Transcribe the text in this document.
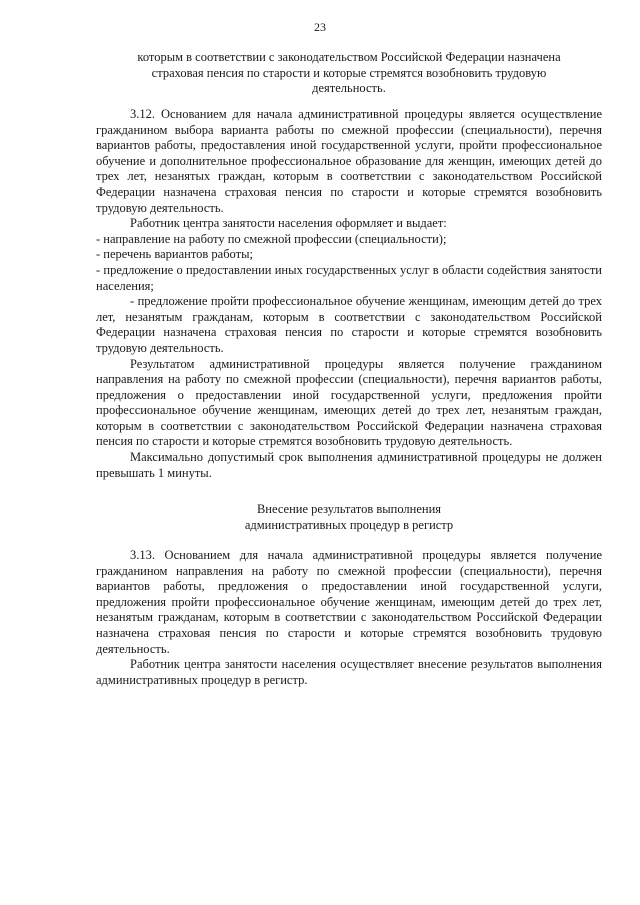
23

которым в соответствии с законодательством Российской Федерации назначена

страховая пенсия по старости и которые стремятся возобновить трудовую

деятельность.

3.12. Основанием для начала административной процедуры является осуществление гражданином выбора варианта работы по смежной профессии (специальности), перечня вариантов работы, предоставления иной государственной услуги, пройти профессиональное обучение и дополнительное профессиональное образование для женщин, имеющих детей до трех лет, незанятых граждан, которым в соответствии с законодательством Российской Федерации назначена страховая пенсия по старости и которые стремятся возобновить трудовую деятельность.

Работник центра занятости населения оформляет и выдает:

- направление на работу по смежной профессии (специальности);

- перечень вариантов работы;

- предложение о предоставлении иных государственных услуг в области содействия занятости населения;

- предложение пройти профессиональное обучение женщинам, имеющим детей до трех лет, незанятым гражданам, которым в соответствии с законодательством Российской Федерации назначена страховая пенсия по старости и которые стремятся возобновить трудовую деятельность.

Результатом административной процедуры является получение гражданином направления на работу по смежной профессии (специальности), перечня вариантов работы, предложения о предоставлении иной государственной услуги, предложения пройти профессиональное обучение женщинам, имеющих детей до трех лет, незанятым граждан, которым в соответствии с законодательством Российской Федерации назначена страховая пенсия по старости и которые стремятся возобновить трудовую деятельность.

Максимально допустимый срок выполнения административной процедуры не должен превышать 1 минуты.

Внесение результатов выполнения

административных процедур в регистр

3.13. Основанием для начала административной процедуры является получение гражданином направления на работу по смежной профессии (специальности), перечня вариантов работы, предложения о предоставлении иной государственной услуги, предложения пройти профессиональное обучение женщинам, имеющим детей до трех лет, незанятым гражданам, которым в соответствии с законодательством Российской Федерации назначена страховая пенсия по старости и которые стремятся возобновить трудовую деятельность.

Работник центра занятости населения осуществляет внесение результатов выполнения административных процедур в регистр.
